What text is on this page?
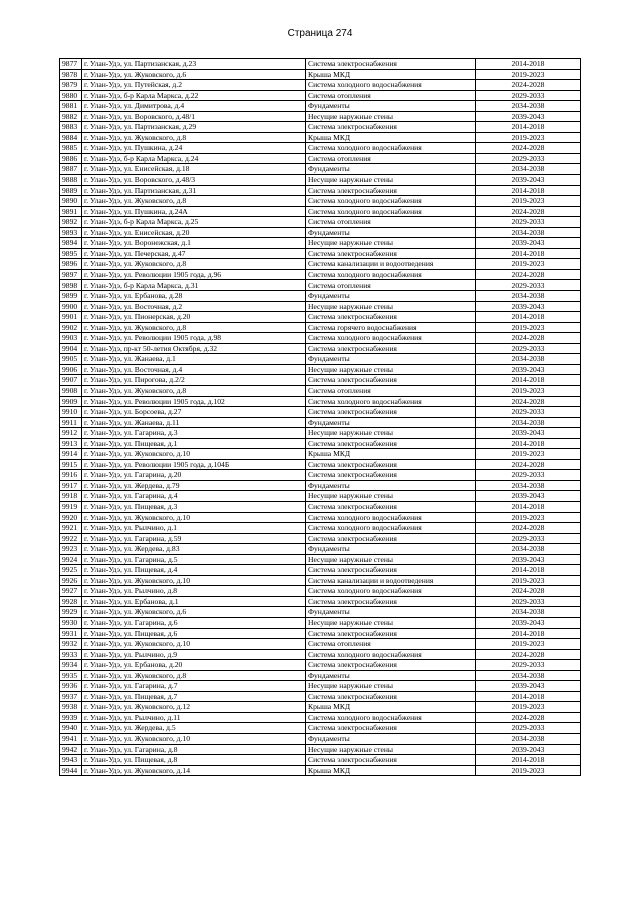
Страница 274
9877	г. Улан-Удэ, ул. Партизанская, д.23	Система электроснабжения	2014-2018
9878	г. Улан-Удэ, ул. Жуковского, д.6	Крыша МКД	2019-2023
9879	г. Улан-Удэ, ул. Путейская, д.2	Система холодного водоснабжения	2024-2028
9880	г. Улан-Удэ, б-р Карла Маркса, д.22	Система отопления	2029-2033
9881	г. Улан-Удэ, ул. Димитрова, д.4	Фундаменты	2034-2038
9882	г. Улан-Удэ, ул. Воровского, д.48/1	Несущие наружные стены	2039-2043
9883	г. Улан-Удэ, ул. Партизанская, д.29	Система электроснабжения	2014-2018
9884	г. Улан-Удэ, ул. Жуковского, д.8	Крыша МКД	2019-2023
9885	г. Улан-Удэ, ул. Пушкина, д.24	Система холодного водоснабжения	2024-2028
9886	г. Улан-Удэ, б-р Карла Маркса, д.24	Система отопления	2029-2033
9887	г. Улан-Удэ, ул. Енисейская, д.18	Фундаменты	2034-2038
9888	г. Улан-Удэ, ул. Воровского, д.48/3	Несущие наружные стены	2039-2043
9889	г. Улан-Удэ, ул. Партизанская, д.31	Система электроснабжения	2014-2018
9890	г. Улан-Удэ, ул. Жуковского, д.8	Система холодного водоснабжения	2019-2023
9891	г. Улан-Удэ, ул. Пушкина, д.24А	Система холодного водоснабжения	2024-2028
9892	г. Улан-Удэ, б-р Карла Маркса, д.25	Система отопления	2029-2033
9893	г. Улан-Удэ, ул. Енисейская, д.20	Фундаменты	2034-2038
9894	г. Улан-Удэ, ул. Воронежская, д.1	Несущие наружные стены	2039-2043
9895	г. Улан-Удэ, ул. Печерская, д.47	Система электроснабжения	2014-2018
9896	г. Улан-Удэ, ул. Жуковского, д.8	Система канализации и водоотведения	2019-2023
9897	г. Улан-Удэ, ул. Революции 1905 года, д.96	Система холодного водоснабжения	2024-2028
9898	г. Улан-Удэ, б-р Карла Маркса, д.31	Система отопления	2029-2033
9899	г. Улан-Удэ, ул. Ербанова, д.28	Фундаменты	2034-2038
9900	г. Улан-Удэ, ул. Восточная, д.2	Несущие наружные стены	2039-2043
9901	г. Улан-Удэ, ул. Пионерская, д.20	Система электроснабжения	2014-2018
9902	г. Улан-Удэ, ул. Жуковского, д.8	Система горячего водоснабжения	2019-2023
9903	г. Улан-Удэ, ул. Революции 1905 года, д.98	Система холодного водоснабжения	2024-2028
9904	г. Улан-Удэ, пр-кт 50-летия Октября, д.32	Система электроснабжения	2029-2033
9905	г. Улан-Удэ, ул. Жанаева, д.1	Фундаменты	2034-2038
9906	г. Улан-Удэ, ул. Восточная, д.4	Несущие наружные стены	2039-2043
9907	г. Улан-Удэ, ул. Пирогова, д.2/2	Система электроснабжения	2014-2018
9908	г. Улан-Удэ, ул. Жуковского, д.8	Система отопления	2019-2023
9909	г. Улан-Удэ, ул. Революции 1905 года, д.102	Система холодного водоснабжения	2024-2028
9910	г. Улан-Удэ, ул. Борсоева, д.27	Система электроснабжения	2029-2033
9911	г. Улан-Удэ, ул. Жанаева, д.11	Фундаменты	2034-2038
9912	г. Улан-Удэ, ул. Гагарина, д.3	Несущие наружные стены	2039-2043
9913	г. Улан-Удэ, ул. Пищевая, д.1	Система электроснабжения	2014-2018
9914	г. Улан-Удэ, ул. Жуковского, д.10	Крыша МКД	2019-2023
9915	г. Улан-Удэ, ул. Революции 1905 года, д.104Б	Система электроснабжения	2024-2028
9916	г. Улан-Удэ, ул. Гагарина, д.20	Система электроснабжения	2029-2033
9917	г. Улан-Удэ, ул. Жердева, д.79	Фундаменты	2034-2038
9918	г. Улан-Удэ, ул. Гагарина, д.4	Несущие наружные стены	2039-2043
9919	г. Улан-Удэ, ул. Пищевая, д.3	Система электроснабжения	2014-2018
9920	г. Улан-Удэ, ул. Жуковского, д.10	Система холодного водоснабжения	2019-2023
9921	г. Улан-Удэ, ул. Рылчино, д.1	Система холодного водоснабжения	2024-2028
9922	г. Улан-Удэ, ул. Гагарина, д.59	Система электроснабжения	2029-2033
9923	г. Улан-Удэ, ул. Жердева, д.83	Фундаменты	2034-2038
9924	г. Улан-Удэ, ул. Гагарина, д.5	Несущие наружные стены	2039-2043
9925	г. Улан-Удэ, ул. Пищевая, д.4	Система электроснабжения	2014-2018
9926	г. Улан-Удэ, ул. Жуковского, д.10	Система канализации и водоотведения	2019-2023
9927	г. Улан-Удэ, ул. Рылчино, д.8	Система холодного водоснабжения	2024-2028
9928	г. Улан-Удэ, ул. Ербанова, д.1	Система электроснабжения	2029-2033
9929	г. Улан-Удэ, ул. Жуковского, д.6	Фундаменты	2034-2038
9930	г. Улан-Удэ, ул. Гагарина, д.6	Несущие наружные стены	2039-2043
9931	г. Улан-Удэ, ул. Пищевая, д.6	Система электроснабжения	2014-2018
9932	г. Улан-Удэ, ул. Жуковского, д.10	Система отопления	2019-2023
9933	г. Улан-Удэ, ул. Рылчино, д.9	Система холодного водоснабжения	2024-2028
9934	г. Улан-Удэ, ул. Ербанова, д.20	Система электроснабжения	2029-2033
9935	г. Улан-Удэ, ул. Жуковского, д.8	Фундаменты	2034-2038
9936	г. Улан-Удэ, ул. Гагарина, д.7	Несущие наружные стены	2039-2043
9937	г. Улан-Удэ, ул. Пищевая, д.7	Система электроснабжения	2014-2018
9938	г. Улан-Удэ, ул. Жуковского, д.12	Крыша МКД	2019-2023
9939	г. Улан-Удэ, ул. Рылчино, д.11	Система холодного водоснабжения	2024-2028
9940	г. Улан-Удэ, ул. Жердева, д.5	Система электроснабжения	2029-2033
9941	г. Улан-Удэ, ул. Жуковского, д.10	Фундаменты	2034-2038
9942	г. Улан-Удэ, ул. Гагарина, д.8	Несущие наружные стены	2039-2043
9943	г. Улан-Удэ, ул. Пищевая, д.8	Система электроснабжения	2014-2018
9944	г. Улан-Удэ, ул. Жуковского, д.14	Крыша МКД	2019-2023
